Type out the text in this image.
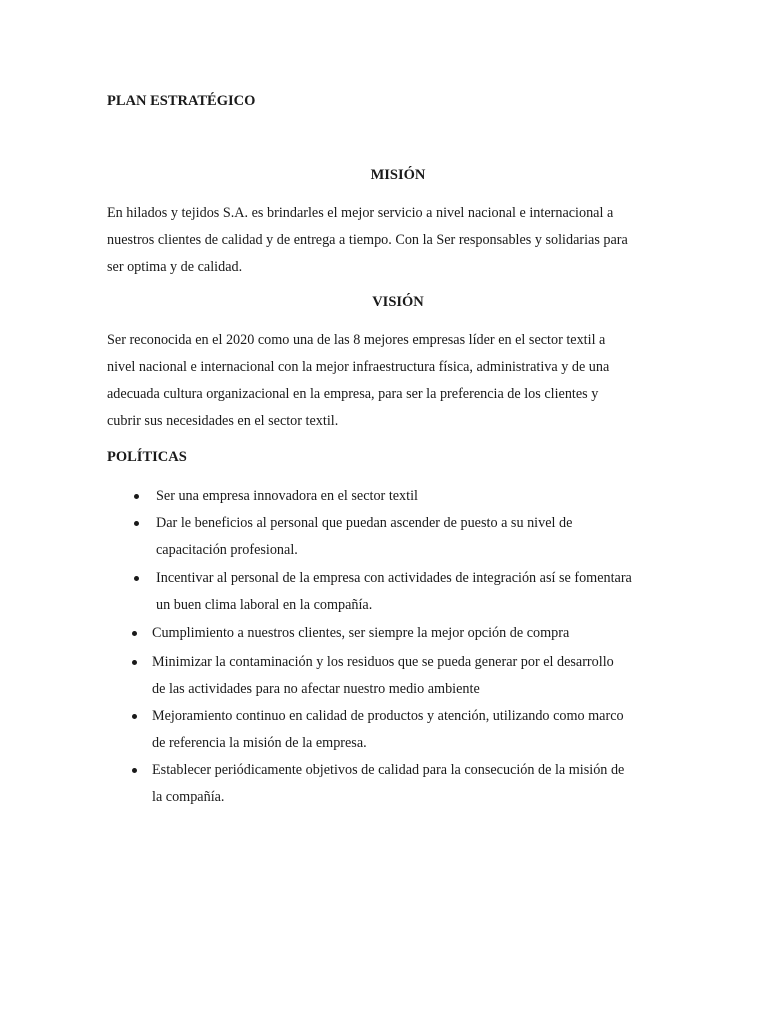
PLAN ESTRATÉGICO
MISIÓN

En hilados y tejidos S.A. es brindarles el mejor servicio a nivel nacional e internacional a
nuestros clientes de calidad y de entrega a tiempo. Con la Ser responsables y solidarias para
ser optima y de calidad.

VISIÓN

Ser reconocida en el 2020 como una de las 8 mejores empresas líder en el sector textil a
nivel nacional e internacional con la mejor infraestructura física, administrativa y de una
adecuada cultura organizacional en la empresa, para ser la preferencia de los clientes y
cubrir sus necesidades en el sector textil.

POLÍTICAS
Ser una empresa innovadora en el sector textil
Dar le beneficios al personal que puedan ascender de puesto a su nivel de
capacitación profesional.
Incentivar al personal de la empresa con actividades de integración así se fomentara
un buen clima laboral en la compañía.
Cumplimiento a nuestros clientes, ser siempre la mejor opción de compra
Minimizar la contaminación y los residuos que se pueda generar por el desarrollo
de las actividades para no afectar nuestro medio ambiente
Mejoramiento continuo en calidad de productos y atención, utilizando como marco
de referencia la misión de la empresa.
Establecer periódicamente objetivos de calidad para la consecución de la misión de
la compañía.
